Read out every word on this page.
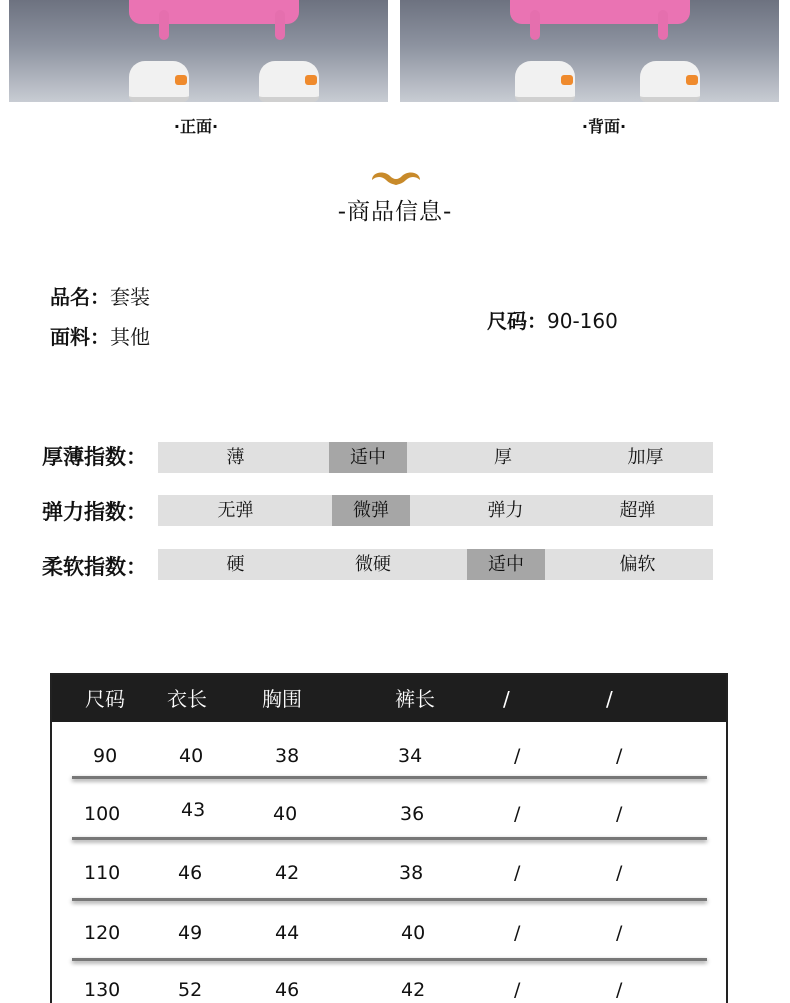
·正面·	·背面·
-商品信息-
品名：套装
面料：其他
尺码：90-160
厚薄指数：	薄	适中	厚	加厚
弹力指数：	无弹	微弹	弹力	超弹
柔软指数：	硬	微硬	适中	偏软
尺码 衣长	胸围	裤长	/	/
90	40	38	34	/	/
100	43	40	36	/	/
110	46	42	38	/	/
120	49	44	40	/	/
130	52	46	42	/	/
